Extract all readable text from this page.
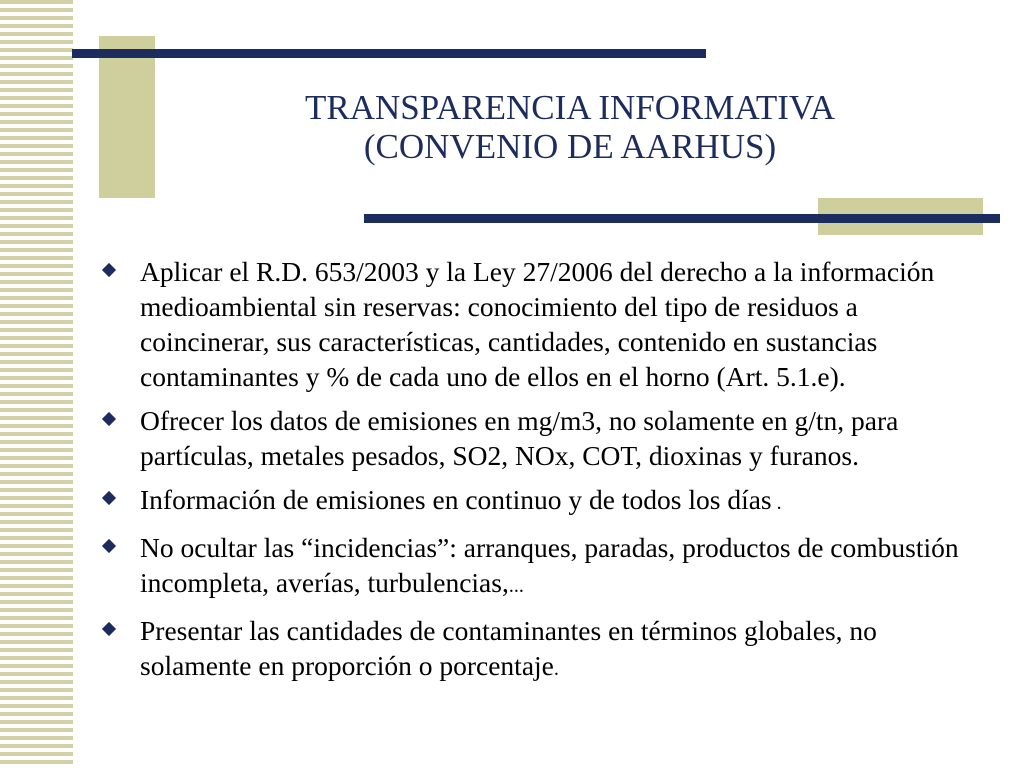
TRANSPARENCIA INFORMATIVA
(CONVENIO DE AARHUS)
Aplicar el R.D. 653/2003 y la Ley 27/2006 del derecho a la información medioambiental sin reservas: conocimiento del tipo de residuos a coincinerar, sus características, cantidades, contenido en sustancias contaminantes y % de cada uno de ellos en el horno (Art. 5.1.e).
Ofrecer los datos de emisiones en mg/m3, no solamente en g/tn, para partículas, metales pesados, SO2, NOx, COT, dioxinas y furanos.
Información de emisiones en continuo y de todos los días .
No ocultar las “incidencias”: arranques, paradas, productos de combustión incompleta, averías, turbulencias,...
Presentar las cantidades de contaminantes en términos globales, no solamente en proporción o porcentaje.
